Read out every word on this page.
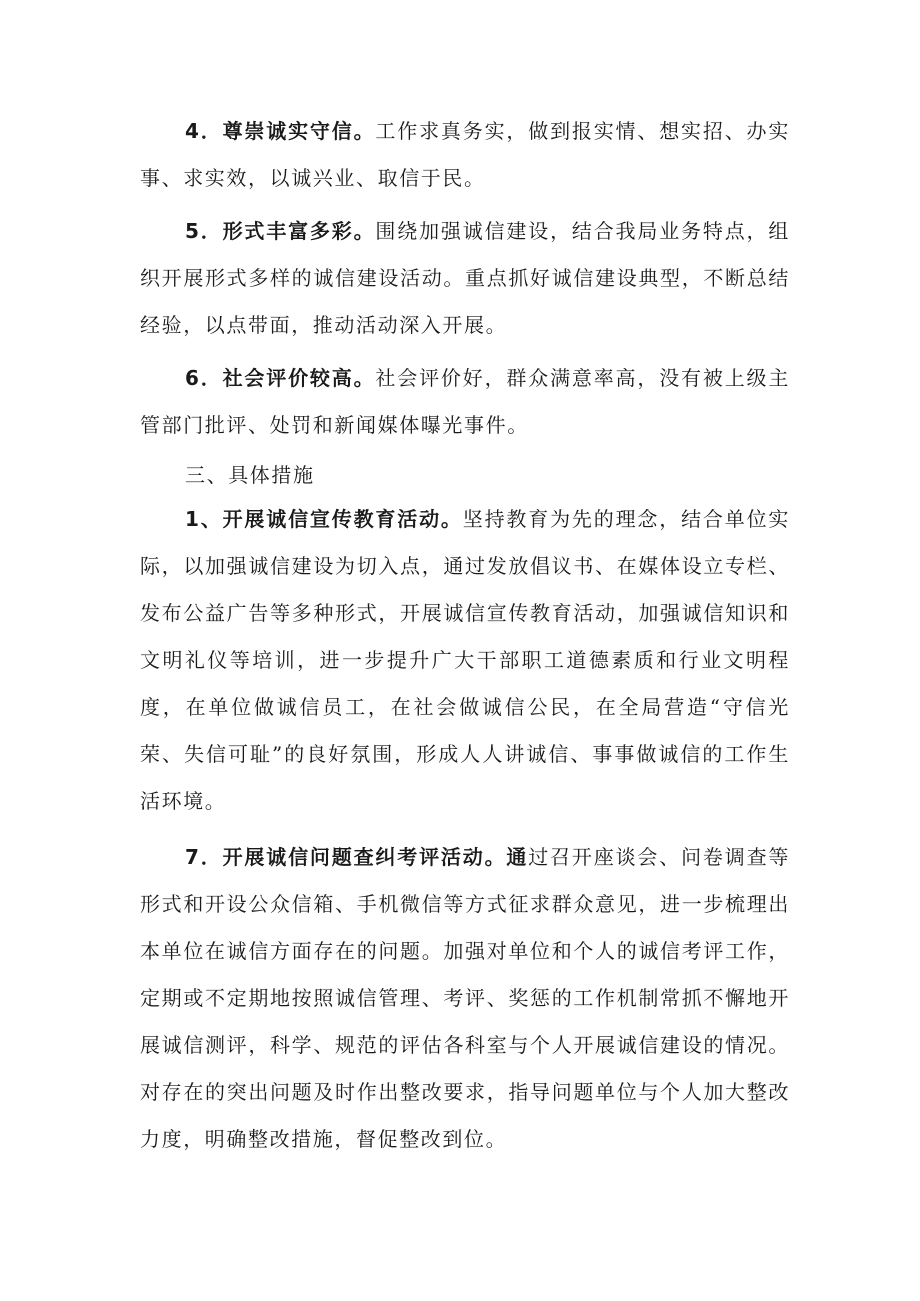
4．尊崇诚实守信。工作求真务实，做到报实情、想实招、办实事、求实效，以诚兴业、取信于民。

5．形式丰富多彩。围绕加强诚信建设，结合我局业务特点，组织开展形式多样的诚信建设活动。重点抓好诚信建设典型，不断总结经验，以点带面，推动活动深入开展。

6．社会评价较高。社会评价好，群众满意率高，没有被上级主管部门批评、处罚和新闻媒体曝光事件。

三、具体措施

1、开展诚信宣传教育活动。坚持教育为先的理念，结合单位实际，以加强诚信建设为切入点，通过发放倡议书、在媒体设立专栏、发布公益广告等多种形式，开展诚信宣传教育活动，加强诚信知识和文明礼仪等培训，进一步提升广大干部职工道德素质和行业文明程度，在单位做诚信员工，在社会做诚信公民，在全局营造“守信光荣、失信可耻”的良好氛围，形成人人讲诚信、事事做诚信的工作生活环境。

7．开展诚信问题查纠考评活动。通过召开座谈会、问卷调查等形式和开设公众信箱、手机微信等方式征求群众意见，进一步梳理出本单位在诚信方面存在的问题。加强对单位和个人的诚信考评工作，定期或不定期地按照诚信管理、考评、奖惩的工作机制常抓不懈地开展诚信测评，科学、规范的评估各科室与个人开展诚信建设的情况。对存在的突出问题及时作出整改要求，指导问题单位与个人加大整改力度，明确整改措施，督促整改到位。
